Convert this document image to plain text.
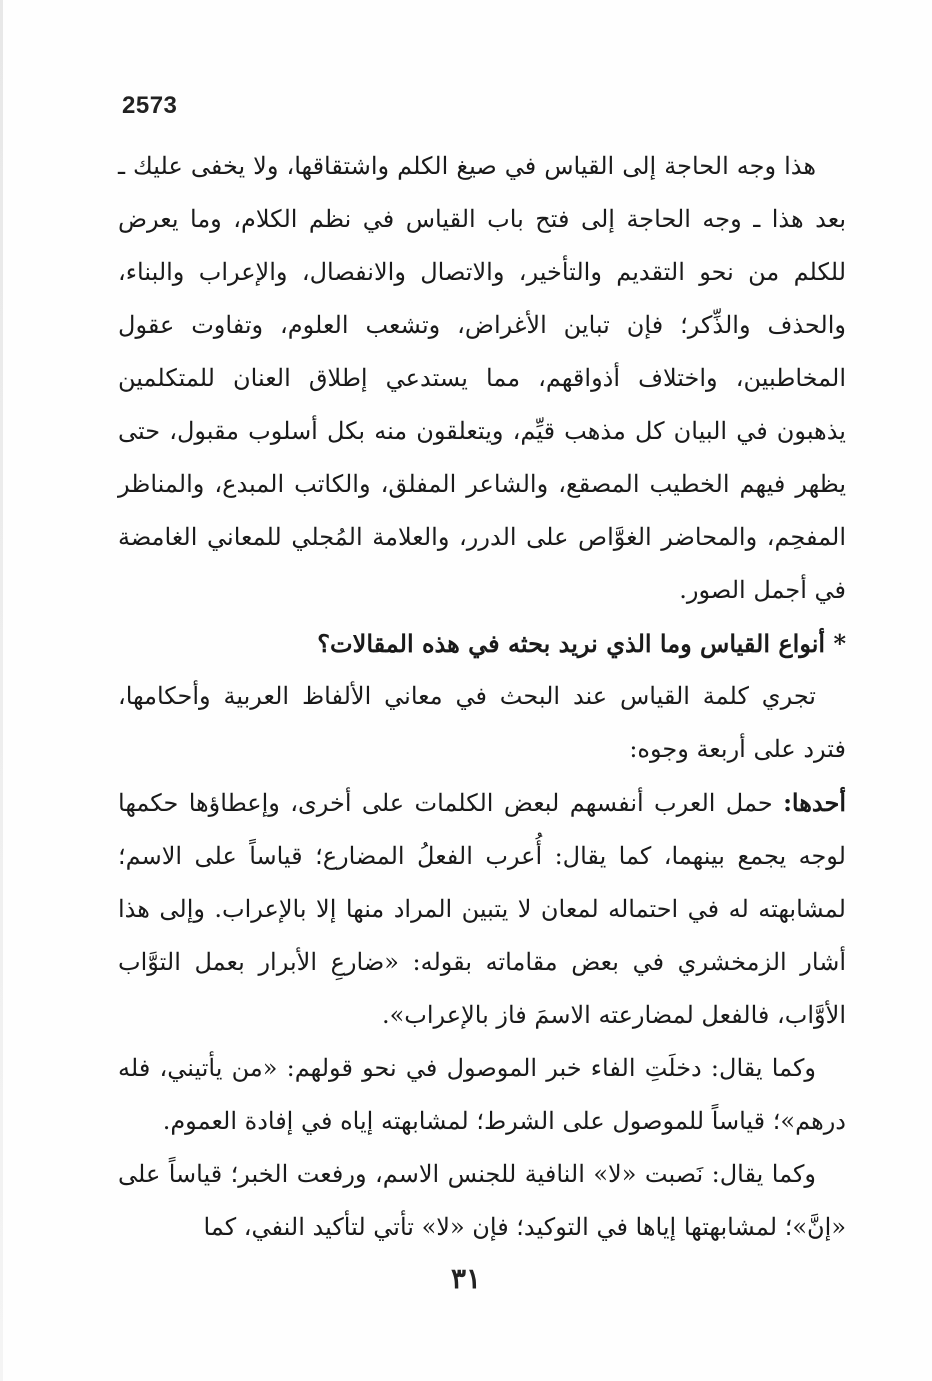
2573

هذا وجه الحاجة إلى القياس في صيغ الكلم واشتقاقها، ولا يخفى عليك ـ بعد هذا ـ وجه الحاجة إلى فتح باب القياس في نظم الكلام، وما يعرض للكلم من نحو التقديم والتأخير، والاتصال والانفصال، والإعراب والبناء، والحذف والذِّكر؛ فإن تباين الأغراض، وتشعب العلوم، وتفاوت عقول المخاطبين، واختلاف أذواقهم، مما يستدعي إطلاق العنان للمتكلمين يذهبون في البيان كل مذهب قيِّم، ويتعلقون منه بكل أسلوب مقبول، حتى يظهر فيهم الخطيب المصقع، والشاعر المفلق، والكاتب المبدع، والمناظر المفحِم، والمحاضر الغوَّاص على الدرر، والعلامة المُجلي للمعاني الغامضة في أجمل الصور.

* أنواع القياس وما الذي نريد بحثه في هذه المقالات؟

تجري كلمة القياس عند البحث في معاني الألفاظ العربية وأحكامها، فترد على أربعة وجوه:

أحدها: حمل العرب أنفسهم لبعض الكلمات على أخرى، وإعطاؤها حكمها لوجه يجمع بينهما، كما يقال: أُعرب الفعلُ المضارع؛ قياساً على الاسم؛ لمشابهته له في احتماله لمعان لا يتبين المراد منها إلا بالإعراب. وإلى هذا أشار الزمخشري في بعض مقاماته بقوله: «ضارعِ الأبرار بعمل التوَّاب الأوَّاب، فالفعل لمضارعته الاسمَ فاز بالإعراب».

وكما يقال: دخلَتِ الفاء خبر الموصول في نحو قولهم: «من يأتيني، فله درهم»؛ قياساً للموصول على الشرط؛ لمشابهته إياه في إفادة العموم.

وكما يقال: نَصبت «لا» النافية للجنس الاسم، ورفعت الخبر؛ قياساً على «إنَّ»؛ لمشابهتها إياها في التوكيد؛ فإن «لا» تأتي لتأكيد النفي، كما

٣١
